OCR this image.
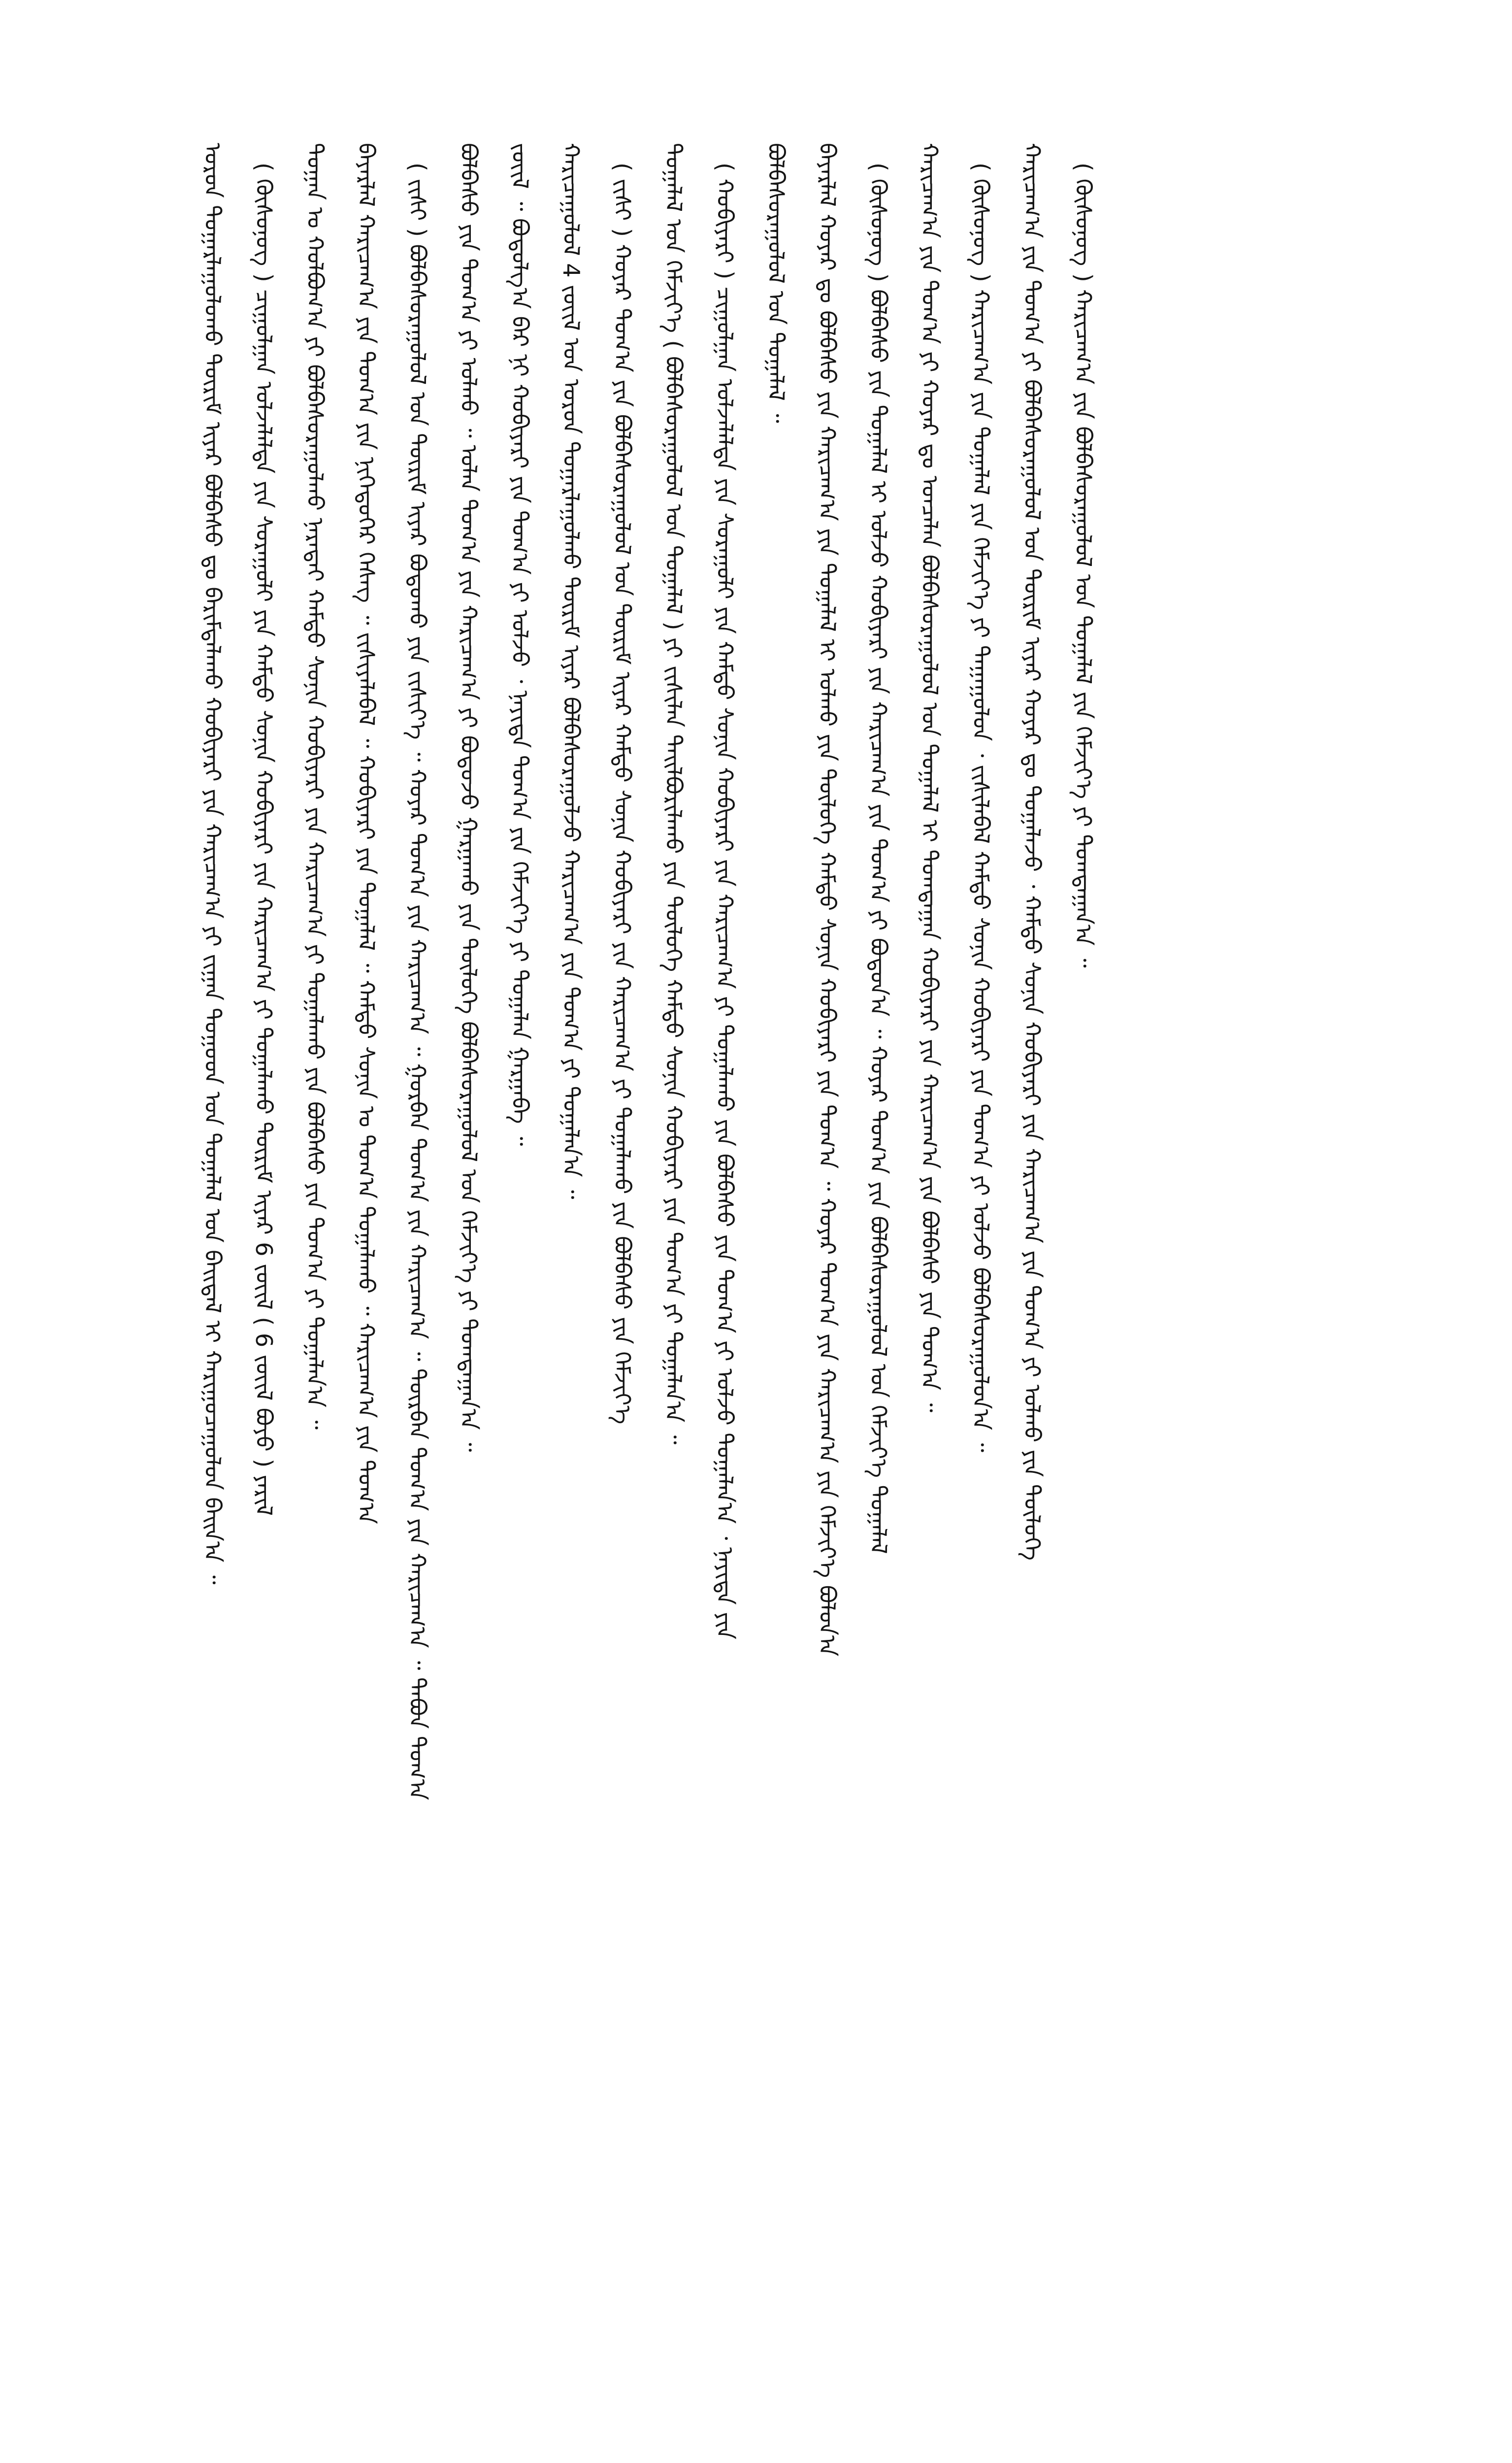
ᠣᠷᠣᠨ ᠳᠤᠭᠠᠷᠯᠠᠭᠤᠯᠤᠬᠤ ᠳᠦᠷᠢᠮ ᠢᠶᠠᠷ ᠪᠣᠯᠪᠠᠰᠤ ᠳᠤ ᠪᠠᠷᠢᠮᠲᠠᠯᠠᠬᠤ ᠬᠤᠪᠢᠶᠠᠷᠢ ᠶᠢᠨ ᠬᠠᠷᠢᠴᠠᠭ᠎ᠠ ᠶᠢ ᠵᠢᠭᠠᠨ ᠲᠣᠭᠤᠳ ᠤᠨ ᠲᠣᠭᠠᠯᠠᠯ ᠤᠨ ᠪᠠᠢᠳᠠᠯ ᠢ ᠬᠠᠷᠢᠭᠤᠴᠠᠭᠤᠯᠤᠨ ᠪᠠᠢᠨ᠎ᠠ ᠃	( ᠬᠦᠰᠦᠨᠦᠭ ) ᠴᠢᠭᠤᠯᠭᠠᠨ ᠣᠯᠵᠠᠯᠠᠯᠲᠠ ᠶᠢᠨ ᠰᠤᠷᠠᠭᠤᠯᠢ ᠶᠢᠨ ᠬᠠᠮᠲᠤ ᠰᠣᠨᠢᠨ ᠬᠤᠪᠢᠶᠠᠷᠢ ᠶᠢᠨ ᠬᠠᠷᠢᠴᠠᠭ᠎ᠠ ᠶᠢ ᠲᠣᠭᠠᠯᠠᠬᠤ ᠳᠦᠷᠢᠮ ᠢᠶᠠᠷ 6 ᠵᠦᠢᠯ ( 6 ᠵᠦᠢᠯ ᠪᠤᠶᠤ ) ᠶᠠᠷᠢᠯ	ᠲᠣᠭᠠᠨ ᠤ ᠬᠣᠯᠪᠣᠭ᠎ᠠ ᠶᠢ ᠪᠣᠯᠪᠠᠰᠤᠷᠠᠭᠤᠯᠬᠤ ᠨᠡᠷᠡᠲᠡᠢ ᠬᠠᠮᠲᠤ ᠰᠣᠨᠢᠨ ᠬᠤᠪᠢᠶᠠᠷᠢ ᠶᠢᠨ ᠬᠠᠷᠢᠴᠠᠭ᠎ᠠ ᠶᠢ ᠲᠣᠭᠠᠯᠠᠬᠤ ᠶᠢᠨ ᠪᠣᠯᠪᠠᠰᠤ ᠶᠢᠨ ᠲᠣᠭ᠎ᠠ ᠶᠢ ᠲᠣᠭᠠᠯᠠᠨ᠎ᠠ ᠃	ᠪᠠᠶᠠᠷᠯᠠᠯ ᠬᠠᠷᠢᠴᠠᠭ᠎ᠠ ᠶᠢᠨ ᠲᠣᠭ᠎ᠠ ᠶᠢᠨ ᠨᠢᠭᠡᠳᠦᠭᠡᠷ ᠬᠡᠰᠡᠭ ᠃ ᠵᠢᠰᠢᠶᠡᠯᠡᠪᠡᠯ ᠃ ᠬᠤᠪᠢᠶᠠᠷᠢ ᠶᠢᠨ ᠲᠣᠭᠠᠯᠠᠯ ᠃ ᠬᠠᠮᠲᠤ ᠰᠣᠨᠢᠨ ᠤ ᠲᠣᠭ᠎ᠠ ᠲᠣᠭᠠᠯᠠᠬᠤ ᠃ ᠬᠠᠷᠢᠴᠠᠭ᠎ᠠ ᠶᠢᠨ ᠲᠣᠭ᠎ᠠ	( ᠵᠢᠱᠢ ) ᠪᠣᠯᠪᠠᠰᠤᠷᠠᠭᠤᠯᠤᠯ ᠤᠨ ᠳᠦᠷᠢᠮ ᠢᠶᠠᠷ ᠪᠣᠳᠤᠬᠤ ᠶᠢᠨ ᠵᠢᠱᠢᠶ᠎ᠡ ᠃ ᠬᠣᠶᠠᠷ ᠲᠣᠭ᠎ᠠ ᠶᠢᠨ ᠬᠠᠷᠢᠴᠠᠭ᠎ᠠ ᠃ ᠭᠤᠷᠪᠠᠨ ᠲᠣᠭ᠎ᠠ ᠶᠢᠨ ᠬᠠᠷᠢᠴᠠᠭ᠎ᠠ ᠃ ᠳᠥᠷᠪᠡᠨ ᠲᠣᠭ᠎ᠠ ᠶᠢᠨ ᠬᠠᠷᠢᠴᠠᠭ᠎ᠠ ᠃ ᠲᠠᠪᠤᠨ ᠲᠣᠭ᠎ᠠ	ᠪᠣᠯᠪᠠᠰᠤ ᠶᠢᠨ ᠲᠣᠭ᠎ᠠ ᠶᠢ ᠣᠯᠬᠤ ᠃ ᠣᠯᠠᠨ ᠲᠣᠭ᠎ᠠ ᠶᠢᠨ ᠬᠠᠷᠢᠴᠠᠭ᠎ᠠ ᠶᠢ ᠪᠣᠳᠤᠵᠤ ᠭᠠᠷᠭᠠᠬᠤ ᠶᠢᠨ ᠲᠥᠯᠥᠭᠡ ᠪᠣᠯᠪᠠᠰᠤᠷᠠᠭᠤᠯᠤᠯ ᠤᠨ ᠬᠡᠮᠵᠢᠶ᠎ᠡ ᠶᠢ ᠲᠣᠭᠲᠠᠭᠠᠨ᠎ᠠ ᠃	ᠵᠦᠢᠯ ᠃ ᠪᠣᠳᠤᠯᠭ᠎ᠠ ᠪᠠᠷ ᠨᠢ ᠬᠤᠪᠢᠶᠠᠷᠢ ᠶᠢᠨ ᠲᠣᠭ᠎ᠠ ᠶᠢ ᠣᠯᠵᠤ ᠂ ᠨᠡᠶᠢᠲᠡ ᠲᠣᠭ᠎ᠠ ᠶᠢᠨ ᠬᠡᠮᠵᠢᠶ᠎ᠡ ᠶᠢ ᠲᠣᠭᠠᠯᠠᠨ ᠭᠠᠷᠭᠠᠪᠠ ᠃	ᠬᠠᠷᠢᠴᠠᠭᠤᠯᠤᠯ 4 ᠵᠦᠢᠯ ᠤᠨ ᠣᠷᠣᠨ ᠳᠤᠭᠠᠷᠯᠠᠭᠤᠯᠬᠤ ᠳᠦᠷᠢᠮ ᠢᠶᠠᠷ ᠪᠣᠯᠪᠠᠰᠤᠷᠠᠭᠤᠯᠵᠤ ᠬᠠᠷᠢᠴᠠᠭ᠎ᠠ ᠶᠢᠨ ᠲᠣᠭ᠎ᠠ ᠶᠢ ᠲᠣᠭᠠᠯᠠᠨ᠎ᠠ ᠃	( ᠵᠢᠱᠢ ) ᠬᠣᠶᠠᠷ ᠲᠣᠭ᠎ᠠ ᠶᠢᠨ ᠪᠣᠯᠪᠠᠰᠤᠷᠠᠭᠤᠯᠤᠯ ᠤᠨ ᠳᠦᠷᠢᠮ ᠢᠶᠠᠷ ᠬᠠᠮᠲᠤ ᠰᠣᠨᠢᠨ ᠬᠤᠪᠢᠶᠠᠷᠢ ᠶᠢᠨ ᠬᠠᠷᠢᠴᠠᠭ᠎ᠠ ᠶᠢ ᠲᠣᠭᠠᠯᠠᠬᠤ ᠶᠢᠨ ᠪᠣᠯᠪᠠᠰᠤ ᠶᠢᠨ ᠬᠡᠮᠵᠢᠶ᠎ᠡ	ᠲᠣᠭᠠᠯᠠᠯ ᠤᠨ ᠬᠡᠮᠵᠢᠶ᠎ᠡ ( ᠪᠣᠯᠪᠠᠰᠤᠷᠠᠭᠤᠯᠤᠯ ᠤᠨ ᠲᠣᠭᠠᠯᠠᠯ ) ᠶᠢ ᠵᠢᠱᠢᠯᠡᠨ ᠲᠠᠢᠯᠪᠤᠷᠢᠯᠠᠬᠤ ᠶᠢᠨ ᠲᠥᠯᠥᠭᠡ ᠬᠠᠮᠲᠤ ᠰᠣᠨᠢᠨ ᠬᠤᠪᠢᠶᠠᠷᠢ ᠶᠢᠨ ᠲᠣᠭ᠎ᠠ ᠶᠢ ᠲᠣᠭᠠᠯᠠᠨ᠎ᠠ ᠃	( ᠬᠤᠪᠢᠶᠠᠷᠢ ) ᠴᠢᠭᠤᠯᠭᠠᠨ ᠣᠯᠵᠠᠯᠠᠯᠲᠠ ᠶᠢᠨ ᠰᠤᠷᠠᠭᠤᠯᠢ ᠶᠢᠨ ᠬᠠᠮᠲᠤ ᠰᠣᠨᠢᠨ ᠬᠤᠪᠢᠶᠠᠷᠢ ᠶᠢᠨ ᠬᠠᠷᠢᠴᠠᠭ᠎ᠠ ᠶᠢ ᠲᠣᠭᠠᠯᠠᠬᠤ ᠶᠢᠨ ᠪᠣᠯᠪᠠᠰᠤ ᠶᠢᠨ ᠲᠣᠭ᠎ᠠ ᠶᠢ ᠣᠯᠵᠤ ᠲᠣᠭᠠᠯᠠᠨ᠎ᠠ ᠂ ᠨᠡᠶᠢᠲᠡ ᠶᠢᠨ	ᠪᠣᠯᠪᠠᠰᠤᠷᠠᠭᠤᠯᠤᠯ ᠤᠨ ᠲᠣᠭᠠᠯᠠᠯ ᠃	ᠪᠠᠶᠠᠷᠯᠠᠯ ᠬᠣᠶᠠᠷ ᠳᠤ ᠪᠣᠯᠪᠠᠰᠤ ᠶᠢᠨ ᠬᠠᠷᠢᠴᠠᠭ᠎ᠠ ᠶᠢᠨ ᠲᠣᠭᠠᠯᠠᠯ ᠢ ᠣᠯᠬᠤ ᠶᠢᠨ ᠲᠥᠯᠥᠭᠡ ᠬᠠᠮᠲᠤ ᠰᠣᠨᠢᠨ ᠬᠤᠪᠢᠶᠠᠷᠢ ᠶᠢᠨ ᠲᠣᠭ᠎ᠠ ᠃ ᠬᠣᠶᠠᠷ ᠲᠣᠭ᠎ᠠ ᠶᠢᠨ ᠬᠠᠷᠢᠴᠠᠭ᠎ᠠ ᠶᠢᠨ ᠬᠡᠮᠵᠢᠶ᠎ᠡ ᠪᠣᠯᠣᠨ᠎ᠠ	( ᠬᠦᠰᠦᠨᠦᠭ ) ᠪᠣᠯᠪᠠᠰᠤ ᠶᠢᠨ ᠲᠣᠭᠠᠯᠠᠯ ᠢ ᠣᠯᠵᠤ ᠬᠤᠪᠢᠶᠠᠷᠢ ᠶᠢᠨ ᠬᠠᠷᠢᠴᠠᠭ᠎ᠠ ᠶᠢᠨ ᠲᠣᠭ᠎ᠠ ᠶᠢ ᠪᠣᠳᠤᠨ᠎ᠠ ᠃ ᠬᠣᠶᠠᠷ ᠲᠣᠭ᠎ᠠ ᠶᠢᠨ ᠪᠣᠯᠪᠠᠰᠤᠷᠠᠭᠤᠯᠤᠯ ᠤᠨ ᠬᠡᠮᠵᠢᠶ᠎ᠡ ᠲᠣᠭᠠᠯᠠᠯ	ᠬᠠᠷᠢᠴᠠᠭ᠎ᠠ ᠶᠢᠨ ᠲᠣᠭ᠎ᠠ ᠶᠢ ᠬᠣᠶᠠᠷ ᠳᠤ ᠣᠨᠴᠠᠯᠠᠨ ᠪᠣᠯᠪᠠᠰᠤᠷᠠᠭᠤᠯᠤᠯ ᠤᠨ ᠲᠣᠭᠠᠯᠠᠯ ᠢ ᠲᠣᠭᠲᠠᠭᠠᠨ ᠬᠤᠪᠢᠶᠠᠷᠢ ᠶᠢᠨ ᠬᠠᠷᠢᠴᠠᠭ᠎ᠠ ᠶᠢᠨ ᠪᠣᠯᠪᠠᠰᠤ ᠶᠢᠨ ᠲᠣᠭ᠎ᠠ ᠃	( ᠬᠦᠰᠦᠨᠦᠭ ) ᠬᠠᠷᠢᠴᠠᠭ᠎ᠠ ᠶᠢᠨ ᠲᠣᠭᠠᠯᠠᠯ ᠶᠢᠨ ᠬᠡᠮᠵᠢᠶ᠎ᠡ ᠶᠢ ᠳᠠᠭᠠᠭᠤᠯᠤᠨ ᠂ ᠵᠢᠱᠢᠯᠡᠪᠡᠯ ᠬᠠᠮᠲᠤ ᠰᠣᠨᠢᠨ ᠬᠤᠪᠢᠶᠠᠷᠢ ᠶᠢᠨ ᠲᠣᠭ᠎ᠠ ᠶᠢ ᠣᠯᠵᠤ ᠪᠣᠯᠪᠠᠰᠤᠷᠠᠭᠤᠯᠤᠨ᠎ᠠ ᠃	ᠬᠠᠷᠢᠴᠠᠭ᠎ᠠ ᠶᠢᠨ ᠲᠣᠭ᠎ᠠ ᠶᠢ ᠪᠣᠯᠪᠠᠰᠤᠷᠠᠭᠤᠯᠤᠯ ᠤᠨ ᠳᠦᠷᠢᠮ ᠢᠶᠠᠷ ᠬᠣᠶᠠᠷ ᠳᠤ ᠲᠣᠭᠠᠯᠠᠵᠤ ᠂ ᠬᠠᠮᠲᠤ ᠰᠣᠨᠢᠨ ᠬᠤᠪᠢᠶᠠᠷᠢ ᠶᠢᠨ ᠬᠠᠷᠢᠴᠠᠭ᠎ᠠ ᠶᠢᠨ ᠲᠣᠭ᠎ᠠ ᠶᠢ ᠣᠯᠬᠤ ᠶᠢᠨ ᠲᠥᠯᠥᠭᠡ	( ᠬᠦᠰᠦᠨᠦᠭ ) ᠬᠠᠷᠢᠴᠠᠭ᠎ᠠ ᠶᠢᠨ ᠪᠣᠯᠪᠠᠰᠤᠷᠠᠭᠤᠯᠤᠯ ᠤᠨ ᠲᠣᠭᠠᠯᠠᠯ ᠶᠢᠨ ᠬᠡᠮᠵᠢᠶ᠎ᠡ ᠶᠢ ᠲᠣᠭᠲᠠᠭᠠᠨ᠎ᠠ ᠃
